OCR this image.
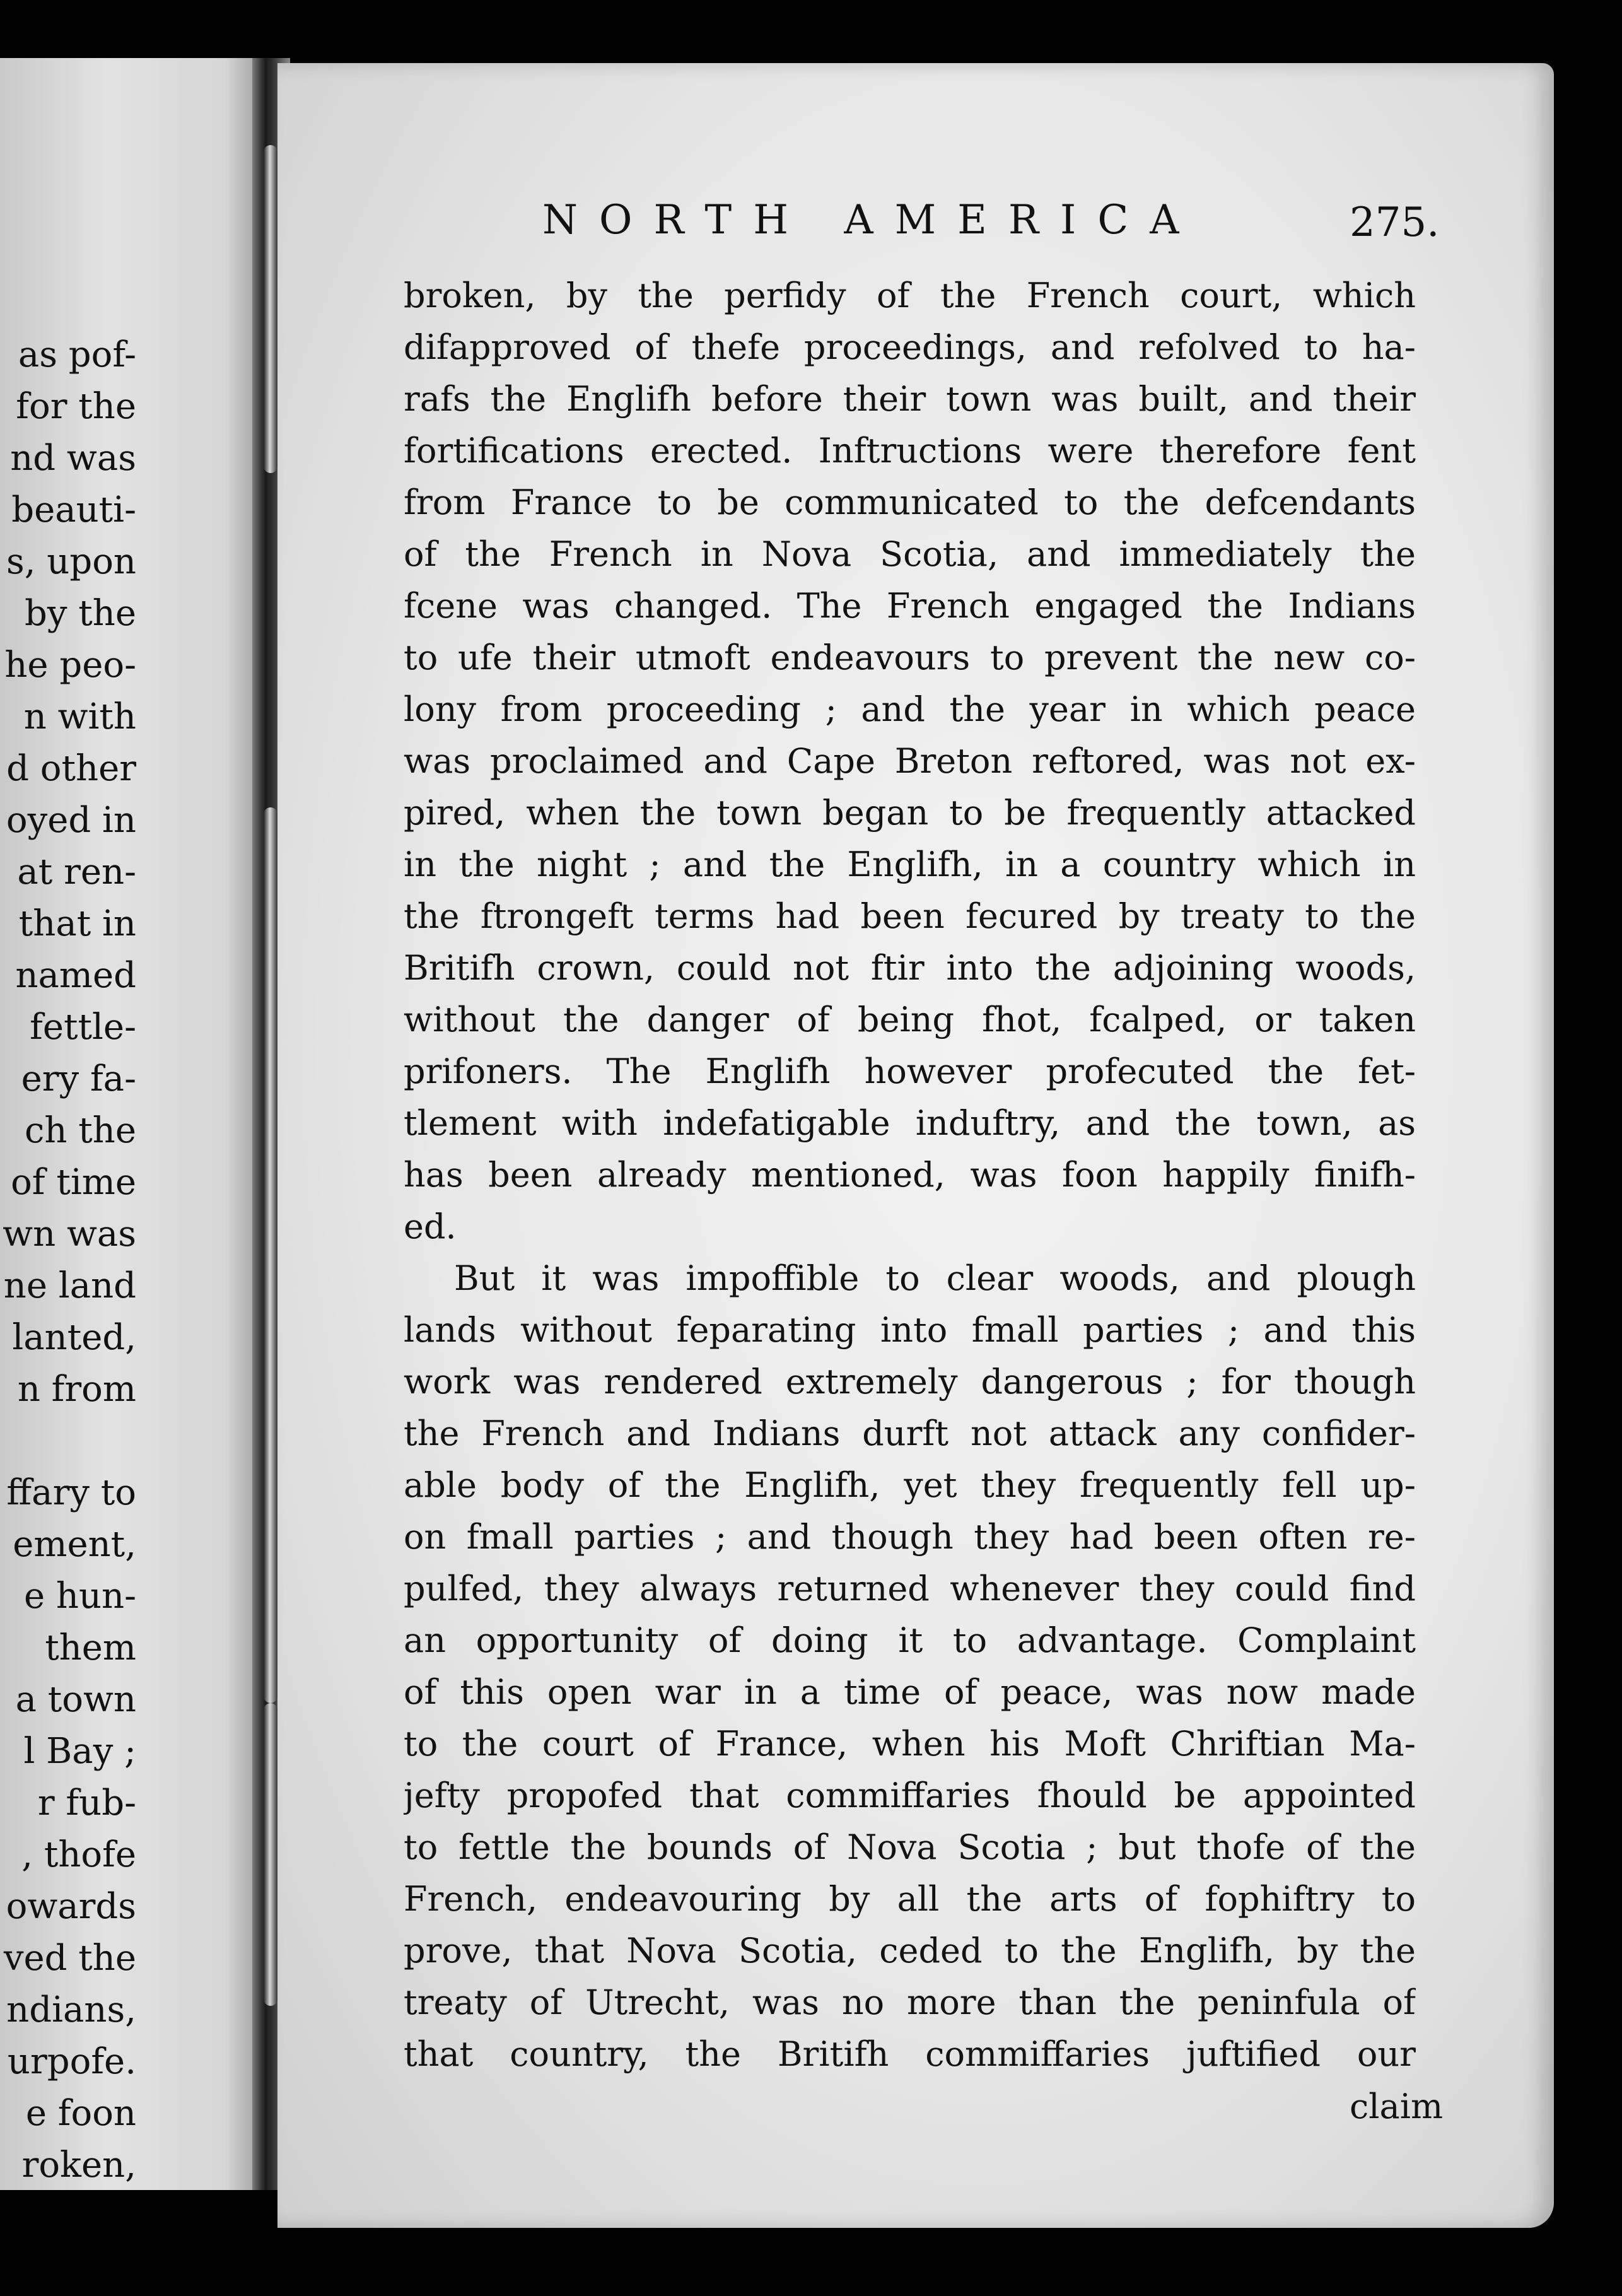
as pof-
for the
nd was
beauti-
s, upon
by the
he peo-
n with
d other
oyed in
at ren-
that in
named
fettle-
ery fa-
ch the
of time
wn was
ne land
lanted,
n from
ffary to
ement,
e hun-
them
a town
l Bay ;
r fub-
, thofe
owards
ved the
ndians,
urpofe.
e foon
roken,
NORTH AMERICA	275.
broken, by the perfidy of the French court, which
difapproved of thefe proceedings, and refolved to ha-
rafs the Englifh before their town was built, and their
fortifications erected. Inftructions were therefore fent
from France to be communicated to the defcendants
of the French in Nova Scotia, and immediately the
fcene was changed. The French engaged the Indians
to ufe their utmoft endeavours to prevent the new co-
lony from proceeding ; and the year in which peace
was proclaimed and Cape Breton reftored, was not ex-
pired, when the town began to be frequently attacked
in the night ; and the Englifh, in a country which in
the ftrongeft terms had been fecured by treaty to the
Britifh crown, could not ftir into the adjoining woods,
without the danger of being fhot, fcalped, or taken
prifoners. The Englifh however profecuted the fet-
tlement with indefatigable induftry, and the town, as
has been already mentioned, was foon happily finifh-
ed.
But it was impoffible to clear woods, and plough
lands without feparating into fmall parties ; and this
work was rendered extremely dangerous ; for though
the French and Indians durft not attack any confider-
able body of the Englifh, yet they frequently fell up-
on fmall parties ; and though they had been often re-
pulfed, they always returned whenever they could find
an opportunity of doing it to advantage. Complaint
of this open war in a time of peace, was now made
to the court of France, when his Moft Chriftian Ma-
jefty propofed that commiffaries fhould be appointed
to fettle the bounds of Nova Scotia ; but thofe of the
French, endeavouring by all the arts of fophiftry to
prove, that Nova Scotia, ceded to the Englifh, by the
treaty of Utrecht, was no more than the peninfula of
that country, the Britifh commiffaries juftified our
claim
